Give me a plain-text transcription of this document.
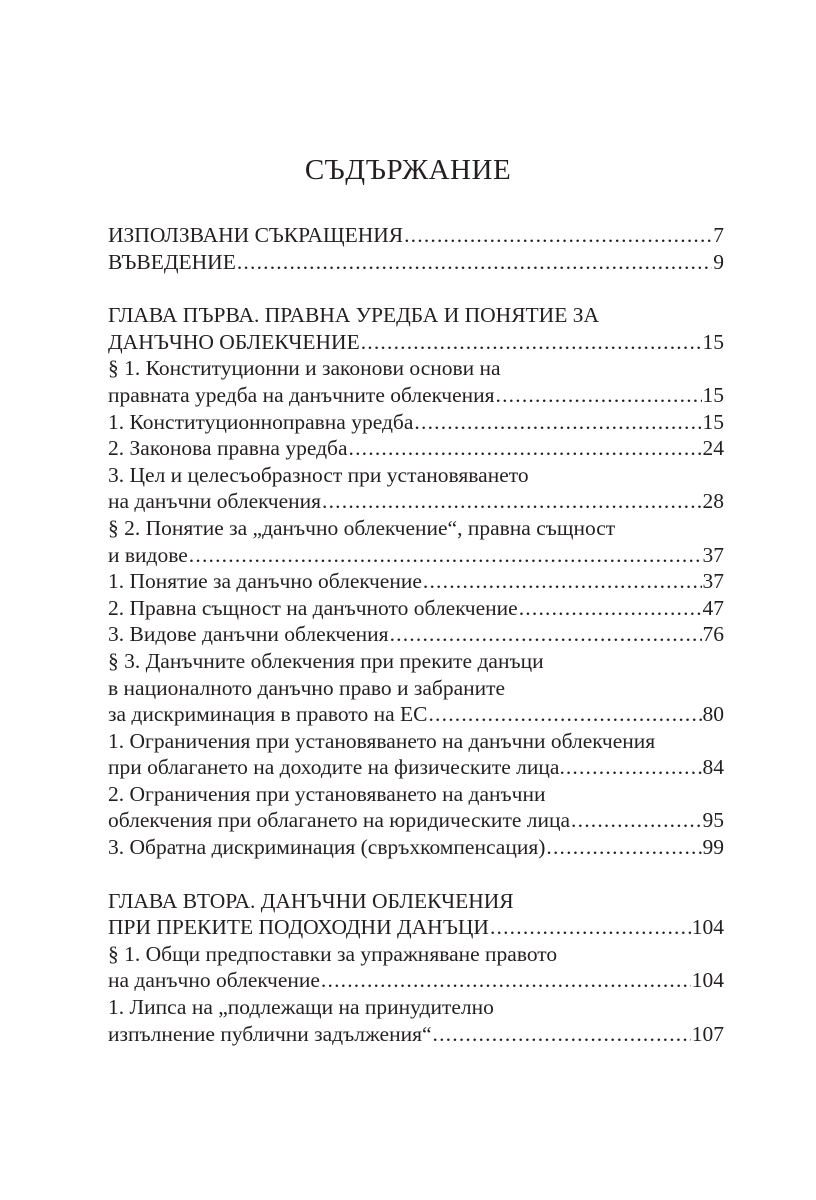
СЪДЪРЖАНИЕ
ИЗПОЛЗВАНИ СЪКРАЩЕНИЯ .....	7
ВЪВЕДЕНИЕ .....	9
ГЛАВА ПЪРВА. ПРАВНА УРЕДБА И ПОНЯТИЕ ЗА
ДАНЪЧНО ОБЛЕКЧЕНИЕ .....	15
§ 1. Конституционни и законови основи на
правната уредба на данъчните облекчения .....	15
1. Конституционноправна уредба .....	15
2. Законова правна уредба .....	24
3. Цел и целесъобразност при установяването
на данъчни облекчения .....	28
§ 2. Понятие за „данъчно облекчение“, правна същност
и видове .....	37
1. Понятие за данъчно облекчение .....	37
2. Правна същност на данъчното облекчение .....	47
3. Видове данъчни облекчения .....	76
§ 3. Данъчните облекчения при преките данъци
в националното данъчно право и забраните
за дискриминация в правото на ЕС .....	80
1. Ограничения при установяването на данъчни облекчения
при облагането на доходите на физическите лица. .....	84
2. Ограничения при установяването на данъчни
облекчения при облагането на юридическите лица .....	95
3. Обратна дискриминация (свръхкомпенсация) .....	99
ГЛАВА ВТОРА. ДАНЪЧНИ ОБЛЕКЧЕНИЯ
ПРИ ПРЕКИТЕ ПОДОХОДНИ ДАНЪЦИ .....	104
§ 1. Общи предпоставки за упражняване правото
на данъчно облекчение .....	104
1. Липса на „подлежащи на принудително
изпълнение публични задължения“ .....	107
